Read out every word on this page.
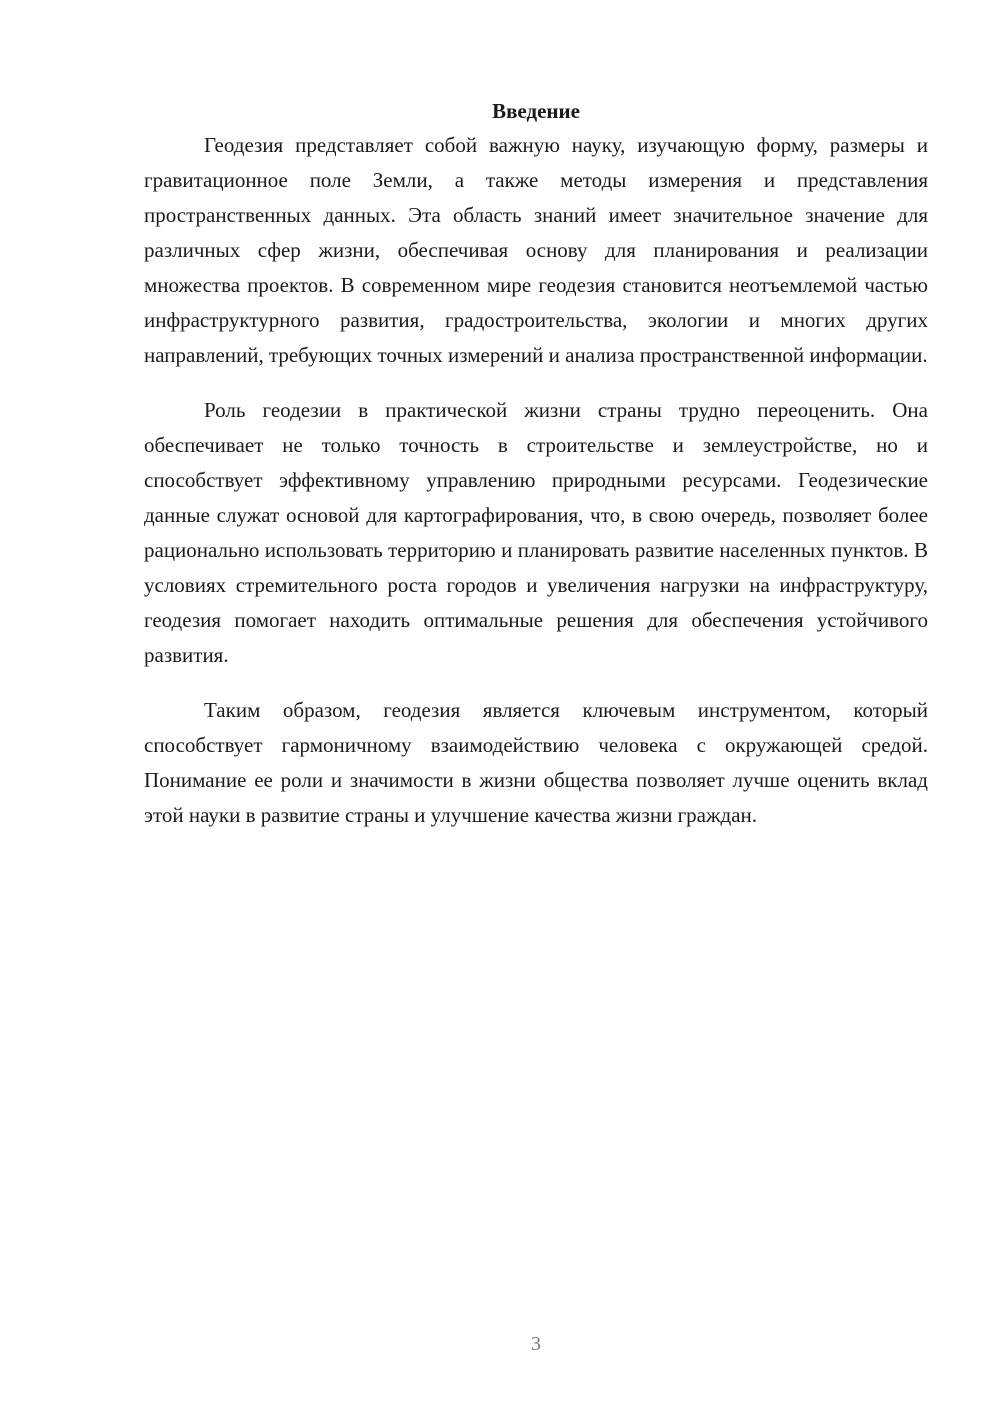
Введение

Геодезия представляет собой важную науку, изучающую форму, размеры и гравитационное поле Земли, а также методы измерения и представления пространственных данных. Эта область знаний имеет значительное значение для различных сфер жизни, обеспечивая основу для планирования и реализации множества проектов. В современном мире геодезия становится неотъемлемой частью инфраструктурного развития, градостроительства, экологии и многих других направлений, требующих точных измерений и анализа пространственной информации.

Роль геодезии в практической жизни страны трудно переоценить. Она обеспечивает не только точность в строительстве и землеустройстве, но и способствует эффективному управлению природными ресурсами. Геодезические данные служат основой для картографирования, что, в свою очередь, позволяет более рационально использовать территорию и планировать развитие населенных пунктов. В условиях стремительного роста городов и увеличения нагрузки на инфраструктуру, геодезия помогает находить оптимальные решения для обеспечения устойчивого развития.

Таким образом, геодезия является ключевым инструментом, который способствует гармоничному взаимодействию человека с окружающей средой. Понимание ее роли и значимости в жизни общества позволяет лучше оценить вклад этой науки в развитие страны и улучшение качества жизни граждан.

3
